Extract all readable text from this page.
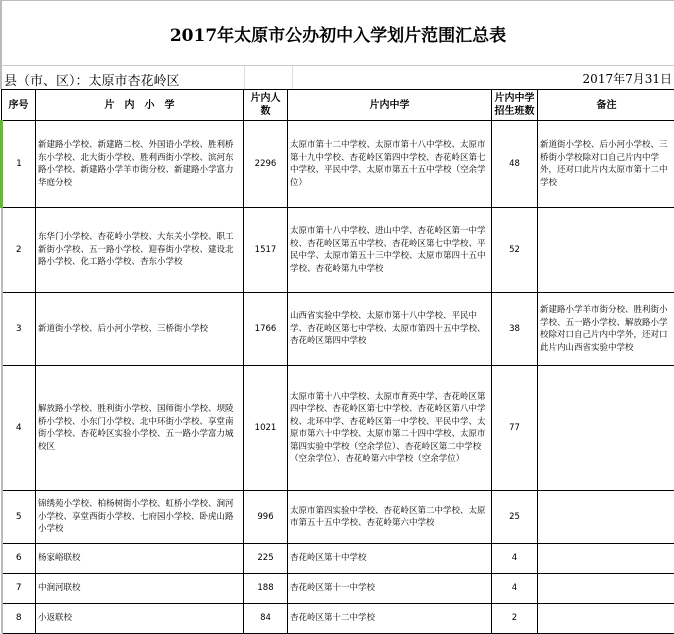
2017年太原市公办初中入学划片范围汇总表
县（市、区）：太原市杏花岭区	2017年7月31日
序号	片　内　小　学	片内人数	片内中学	片内中学招生班数	备注
1	新建路小学校、新建路二校、外国语小学校、胜利桥东小学校、北大街小学校、胜利西街小学校、滨河东路小学校、新建路小学羊市街分校、新建路小学富力华庭分校	2296	太原市第十二中学校、太原市第十八中学校、太原市第十九中学校、杏花岭区第四中学校、杏花岭区第七中学校、平民中学、太原市第五十五中学校（空余学位）	48	新道街小学校、后小河小学校、三桥街小学校除对口自己片内中学外，还对口此片内太原市第十二中学校
2	东华门小学校、杏花岭小学校、大东关小学校、职工新街小学校、五一路小学校、迎春街小学校、建设北路小学校、化工路小学校、杏东小学校	1517	太原市第十八中学校、进山中学、杏花岭区第一中学校、杏花岭区第五中学校、杏花岭区第七中学校、平民中学、太原市第五十三中学校、太原市第四十五中学校、杏花岭第九中学校	52	
3	新道街小学校、后小河小学校、三桥街小学校	1766	山西省实验中学校、太原市第十八中学校、平民中学、杏花岭区第七中学校、太原市第四十五中学校、杏花岭区第四中学校	38	新建路小学羊市街分校、胜利街小学校、五一路小学校、解放路小学校除对口自己片内中学外，还对口此片内山西省实验中学校
4	解放路小学校、胜利街小学校、国师街小学校、坝陵桥小学校、小东门小学校、北中环街小学校、享堂南街小学校、杏花岭区实验小学校、五一路小学富力城校区	1021	太原市第十八中学校、太原市育英中学、杏花岭区第四中学校、杏花岭区第七中学校、杏花岭区第八中学校、北环中学、杏花岭区第一中学校、平民中学、太原市第六十中学校、太原市第二十四中学校、太原市第四实验中学校（空余学位）、杏花岭区第二中学校（空余学位）、杏花岭第六中学校（空余学位）	77	
5	锦绣苑小学校、柏杨树街小学校、虹桥小学校、涧河小学校、享堂西街小学校、七府园小学校、卧虎山路小学校	996	太原市第四实验中学校、杏花岭区第二中学校、太原市第五十五中学校、杏花岭第六中学校	25	
6	杨家峪联校	225	杏花岭区第十中学校	4	
7	中涧河联校	188	杏花岭区第十一中学校	4	
8	小返联校	84	杏花岭区第十二中学校	2	
